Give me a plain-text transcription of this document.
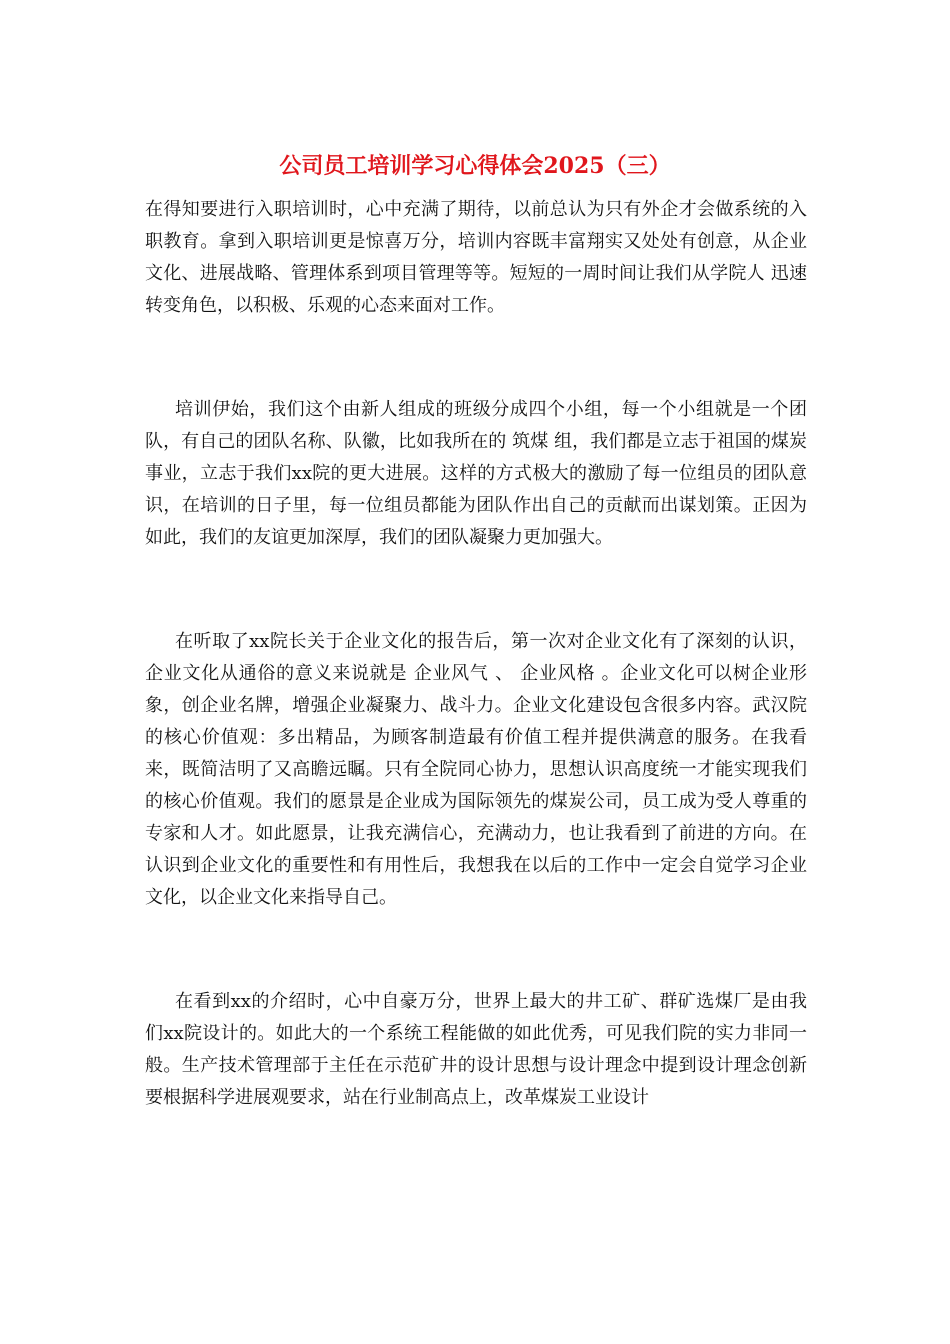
公司员工培训学习心得体会2025（三）

在得知要进行入职培训时，心中充满了期待，以前总认为只有外企才会做系统的入职教育。拿到入职培训更是惊喜万分，培训内容既丰富翔实又处处有创意，从企业文化、进展战略、管理体系到项目管理等等。短短的一周时间让我们从学院人 迅速转变角色，以积极、乐观的心态来面对工作。

培训伊始，我们这个由新人组成的班级分成四个小组，每一个小组就是一个团队，有自己的团队名称、队徽，比如我所在的 筑煤 组，我们都是立志于祖国的煤炭事业，立志于我们xx院的更大进展。这样的方式极大的激励了每一位组员的团队意识，在培训的日子里，每一位组员都能为团队作出自己的贡献而出谋划策。正因为如此，我们的友谊更加深厚，我们的团队凝聚力更加强大。

在听取了xx院长关于企业文化的报告后，第一次对企业文化有了深刻的认识，企业文化从通俗的意义来说就是 企业风气 、 企业风格 。企业文化可以树企业形象，创企业名牌，增强企业凝聚力、战斗力。企业文化建设包含很多内容。武汉院的核心价值观：多出精品，为顾客制造最有价值工程并提供满意的服务。在我看来，既简洁明了又高瞻远瞩。只有全院同心协力，思想认识高度统一才能实现我们的核心价值观。我们的愿景是企业成为国际领先的煤炭公司，员工成为受人尊重的专家和人才。如此愿景，让我充满信心，充满动力，也让我看到了前进的方向。在认识到企业文化的重要性和有用性后，我想我在以后的工作中一定会自觉学习企业文化，以企业文化来指导自己。

在看到xx的介绍时，心中自豪万分，世界上最大的井工矿、群矿选煤厂是由我们xx院设计的。如此大的一个系统工程能做的如此优秀，可见我们院的实力非同一般。生产技术管理部于主任在示范矿井的设计思想与设计理念中提到设计理念创新要根据科学进展观要求，站在行业制高点上，改革煤炭工业设计
